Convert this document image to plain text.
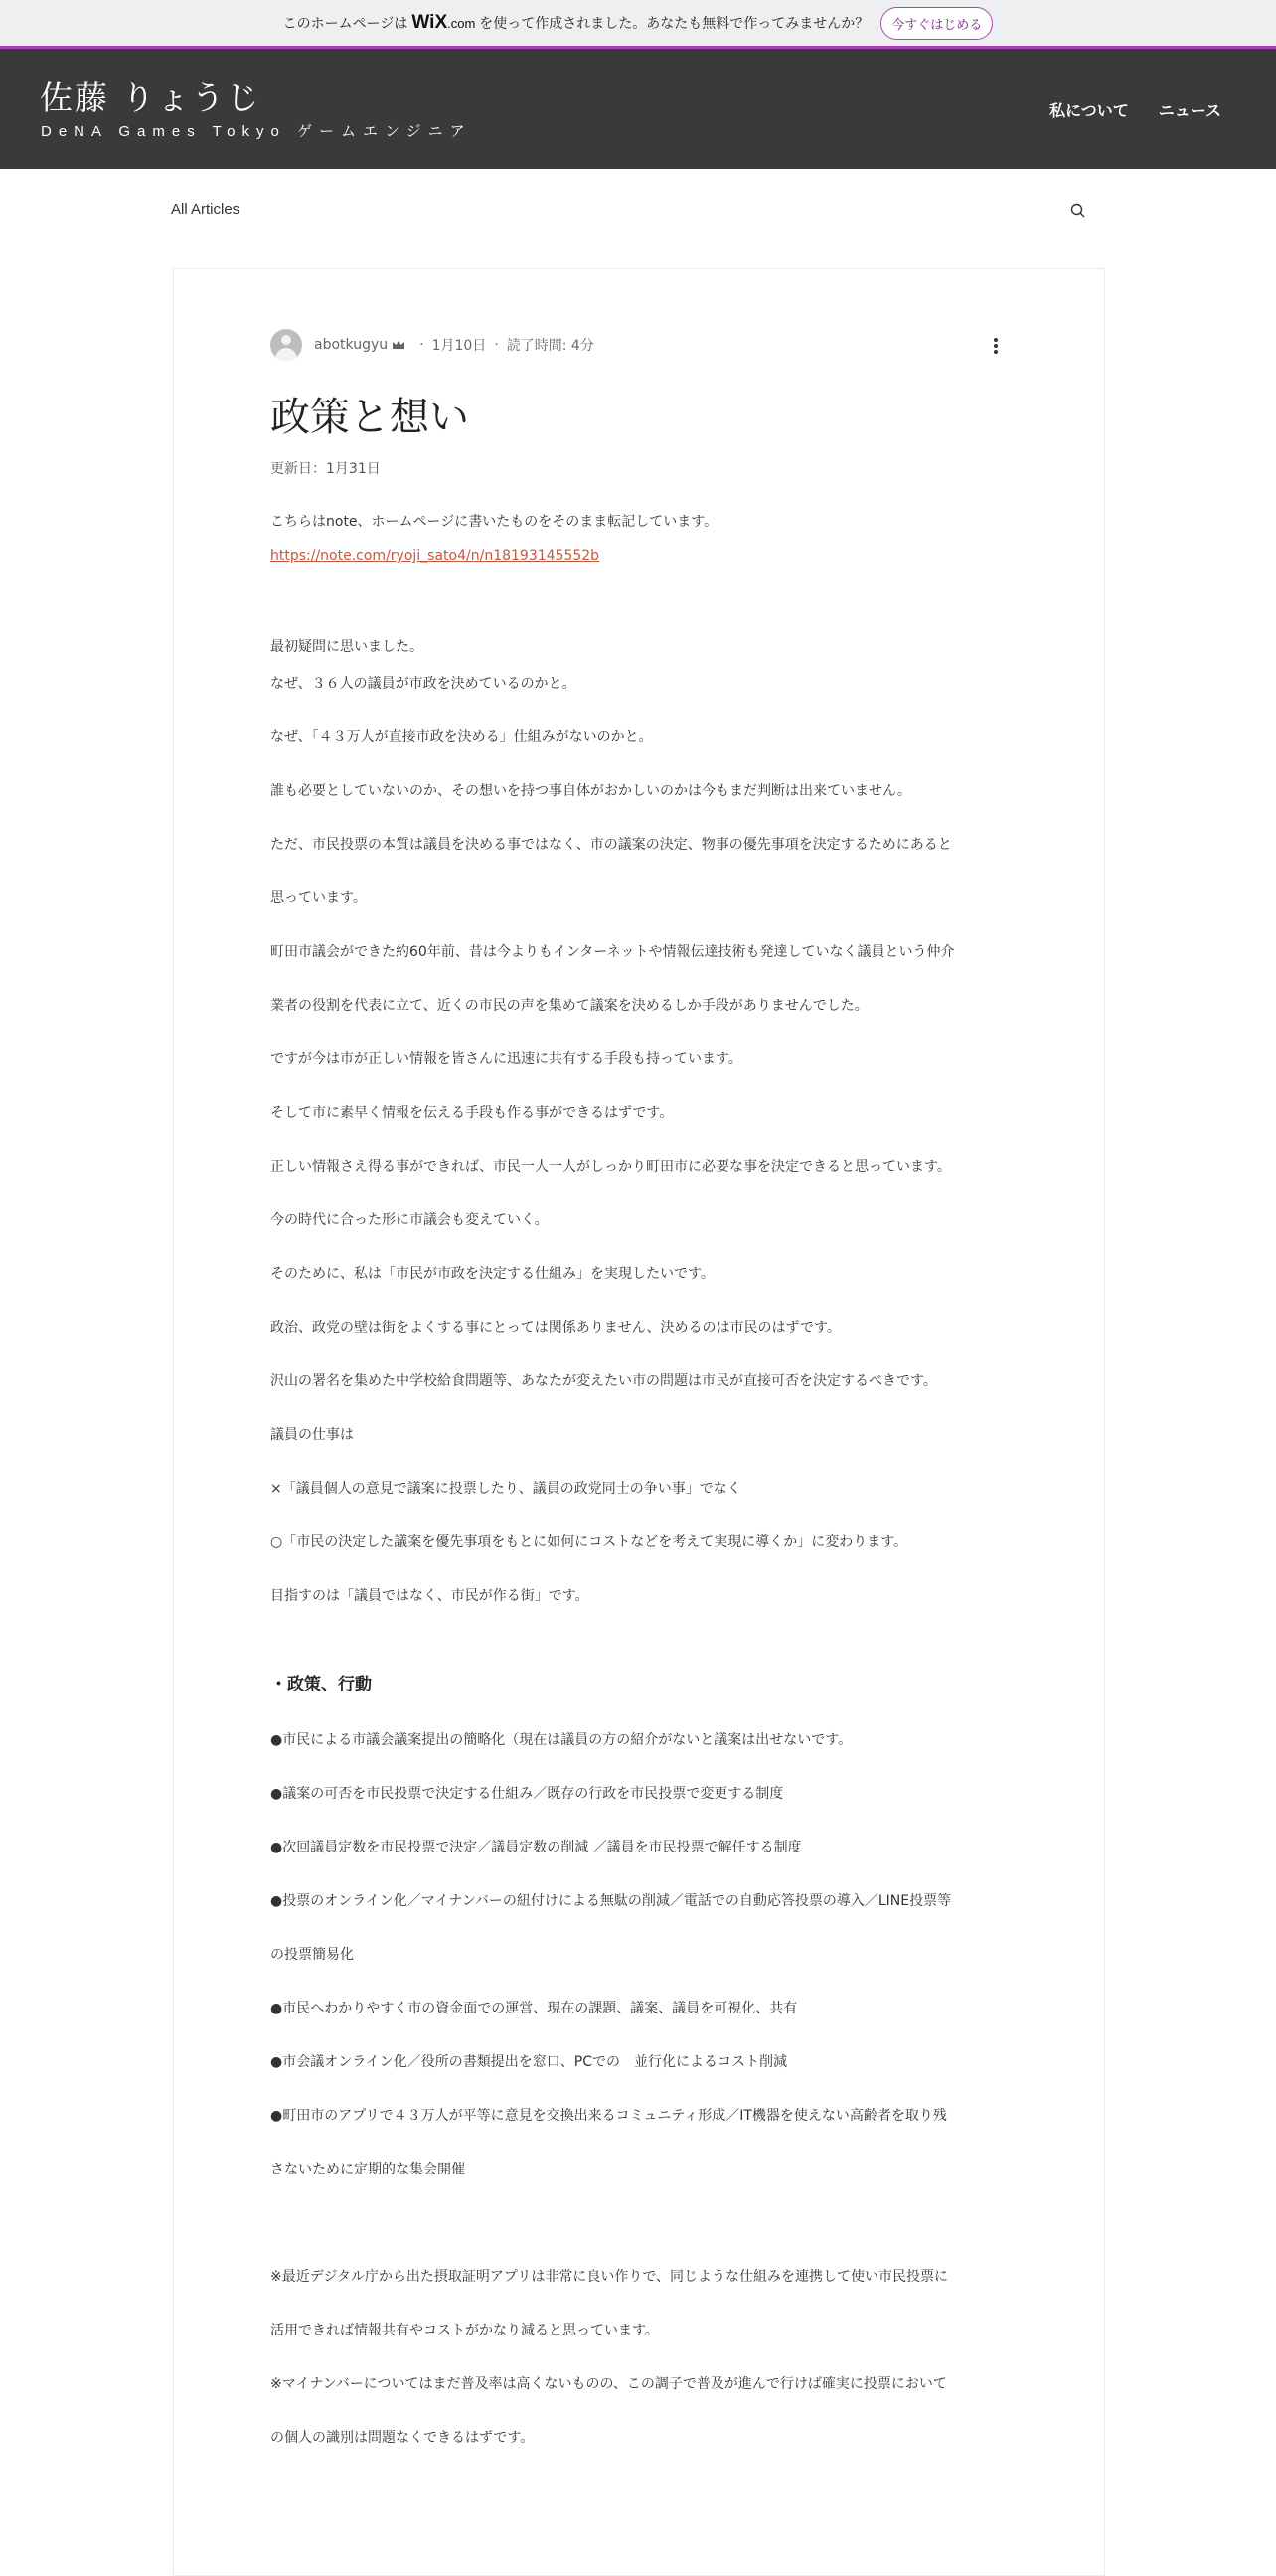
このホームページは WiX.com を使って作成されました。あなたも無料で作ってみませんか？	今すぐはじめる
佐藤 りょうじ
DeNA Games Tokyo ゲームエンジニア
私について ニュース
All Articles
abotkugyu · 1月10日 · 読了時間: 4分
政策と想い
更新日：1月31日
こちらはnote、ホームページに書いたものをそのまま転記しています。
https://note.com/ryoji_sato4/n/n18193145552b
最初疑問に思いました。
なぜ、３６人の議員が市政を決めているのかと。
なぜ、「４３万人が直接市政を決める」仕組みがないのかと。
誰も必要としていないのか、その想いを持つ事自体がおかしいのかは今もまだ判断は出来ていません。
ただ、市民投票の本質は議員を決める事ではなく、市の議案の決定、物事の優先事項を決定するためにあると
思っています。
町田市議会ができた約60年前、昔は今よりもインターネットや情報伝達技術も発達していなく議員という仲介
業者の役割を代表に立て、近くの市民の声を集めて議案を決めるしか手段がありませんでした。
ですが今は市が正しい情報を皆さんに迅速に共有する手段も持っています。
そして市に素早く情報を伝える手段も作る事ができるはずです。
正しい情報さえ得る事ができれば、市民一人一人がしっかり町田市に必要な事を決定できると思っています。
今の時代に合った形に市議会も変えていく。
そのために、私は「市民が市政を決定する仕組み」を実現したいです。
政治、政党の壁は街をよくする事にとっては関係ありません、決めるのは市民のはずです。
沢山の署名を集めた中学校給食問題等、あなたが変えたい市の問題は市民が直接可否を決定するべきです。
議員の仕事は
×「議員個人の意見で議案に投票したり、議員の政党同士の争い事」でなく
○「市民の決定した議案を優先事項をもとに如何にコストなどを考えて実現に導くか」に変わります。
目指すのは「議員ではなく、市民が作る街」です。
・政策、行動
●市民による市議会議案提出の簡略化（現在は議員の方の紹介がないと議案は出せないです。
●議案の可否を市民投票で決定する仕組み／既存の行政を市民投票で変更する制度
●次回議員定数を市民投票で決定／議員定数の削減 ／議員を市民投票で解任する制度
●投票のオンライン化／マイナンバーの紐付けによる無駄の削減／電話での自動応答投票の導入／LINE投票等
の投票簡易化
●市民へわかりやすく市の資金面での運営、現在の課題、議案、議員を可視化、共有
●市会議オンライン化／役所の書類提出を窓口、PCでの　並行化によるコスト削減
●町田市のアプリで４３万人が平等に意見を交換出来るコミュニティ形成／IT機器を使えない高齢者を取り残
さないために定期的な集会開催
※最近デジタル庁から出た摂取証明アプリは非常に良い作りで、同じような仕組みを連携して使い市民投票に
活用できれば情報共有やコストがかなり減ると思っています。
※マイナンバーについてはまだ普及率は高くないものの、この調子で普及が進んで行けば確実に投票において
の個人の識別は問題なくできるはずです。
